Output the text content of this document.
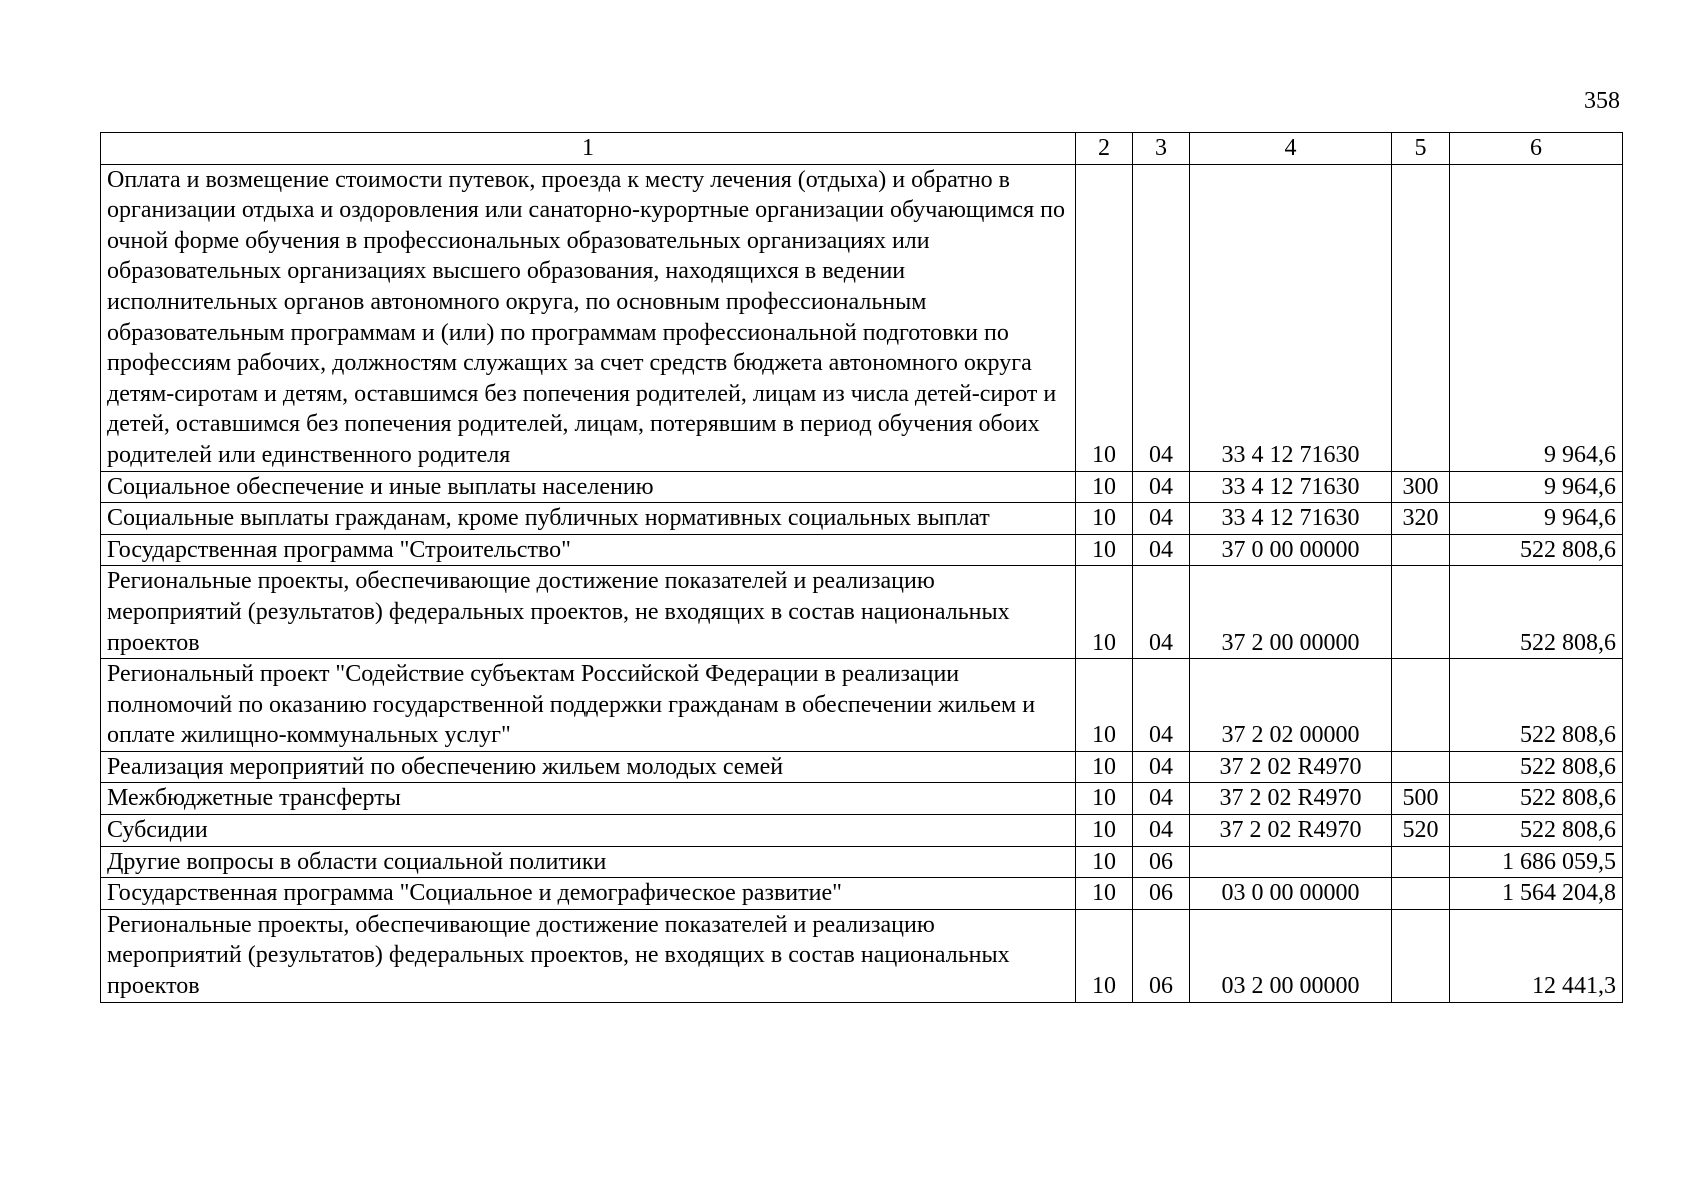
358
1	2	3	4	5	6
Оплата и возмещение стоимости путевок, проезда к месту лечения (отдыха) и обратно в организации отдыха и оздоровления или санаторно-курортные организации обучающимся по очной форме обучения в профессиональных образовательных организациях или образовательных организациях высшего образования, находящихся в ведении исполнительных органов автономного округа, по основным профессиональным образовательным программам и (или) по программам профессиональной подготовки по профессиям рабочих, должностям служащих за счет средств бюджета автономного округа детям-сиротам и детям, оставшимся без попечения родителей, лицам из числа детей-сирот и детей, оставшимся без попечения родителей, лицам, потерявшим в период обучения обоих родителей или единственного родителя	10	04	33 4 12 71630		9 964,6
Социальное обеспечение и иные выплаты населению	10	04	33 4 12 71630	300	9 964,6
Социальные выплаты гражданам, кроме публичных нормативных социальных выплат	10	04	33 4 12 71630	320	9 964,6
Государственная программа "Строительство"	10	04	37 0 00 00000		522 808,6
Региональные проекты, обеспечивающие достижение показателей и реализацию мероприятий (результатов) федеральных проектов, не входящих в состав национальных проектов	10	04	37 2 00 00000		522 808,6
Региональный проект "Содействие субъектам Российской Федерации в реализации полномочий по оказанию государственной поддержки гражданам в обеспечении жильем и оплате жилищно-коммунальных услуг"	10	04	37 2 02 00000		522 808,6
Реализация мероприятий по обеспечению жильем молодых семей	10	04	37 2 02 R4970		522 808,6
Межбюджетные трансферты	10	04	37 2 02 R4970	500	522 808,6
Субсидии	10	04	37 2 02 R4970	520	522 808,6
Другие вопросы в области социальной политики	10	06			1 686 059,5
Государственная программа "Социальное и демографическое развитие"	10	06	03 0 00 00000		1 564 204,8
Региональные проекты, обеспечивающие достижение показателей и реализацию мероприятий (результатов) федеральных проектов, не входящих в состав национальных проектов	10	06	03 2 00 00000		12 441,3
